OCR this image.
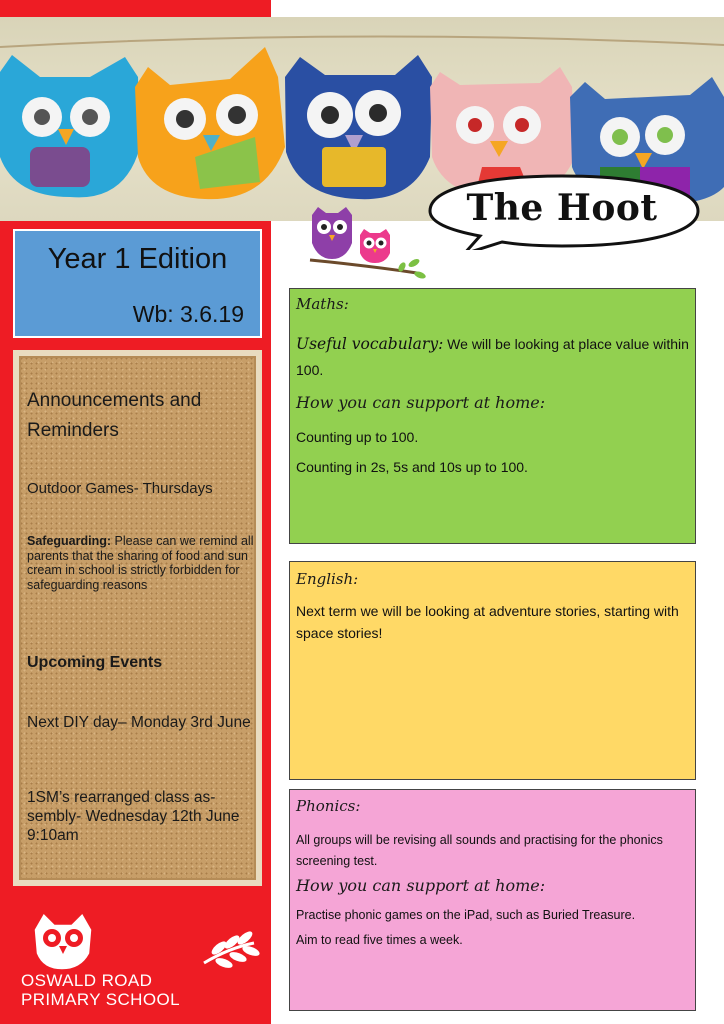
The Hoot
Year 1 Edition
Wb: 3.6.19
Announcements and Reminders
Outdoor Games- Thursdays
Safeguarding: Please can we remind all parents that the sharing of food and sun cream in school is strictly forbidden for safeguarding reasons
Upcoming Events
Next DIY day– Monday 3rd June
1SM’s rearranged class as-sembly- Wednesday 12th June 9:10am
OSWALD ROAD
PRIMARY SCHOOL
Maths:
Useful vocabulary: We will be looking at place value within 100.
How you can support at home:
Counting up to 100.
Counting in 2s, 5s and 10s up to 100.
English:
Next term we will be looking at adventure stories, starting with space stories!
Phonics:
All groups will be revising all sounds and practising for the phonics screening test.
How you can support at home:
Practise phonic games on the iPad, such as Buried Treasure.
Aim to read five times a week.
